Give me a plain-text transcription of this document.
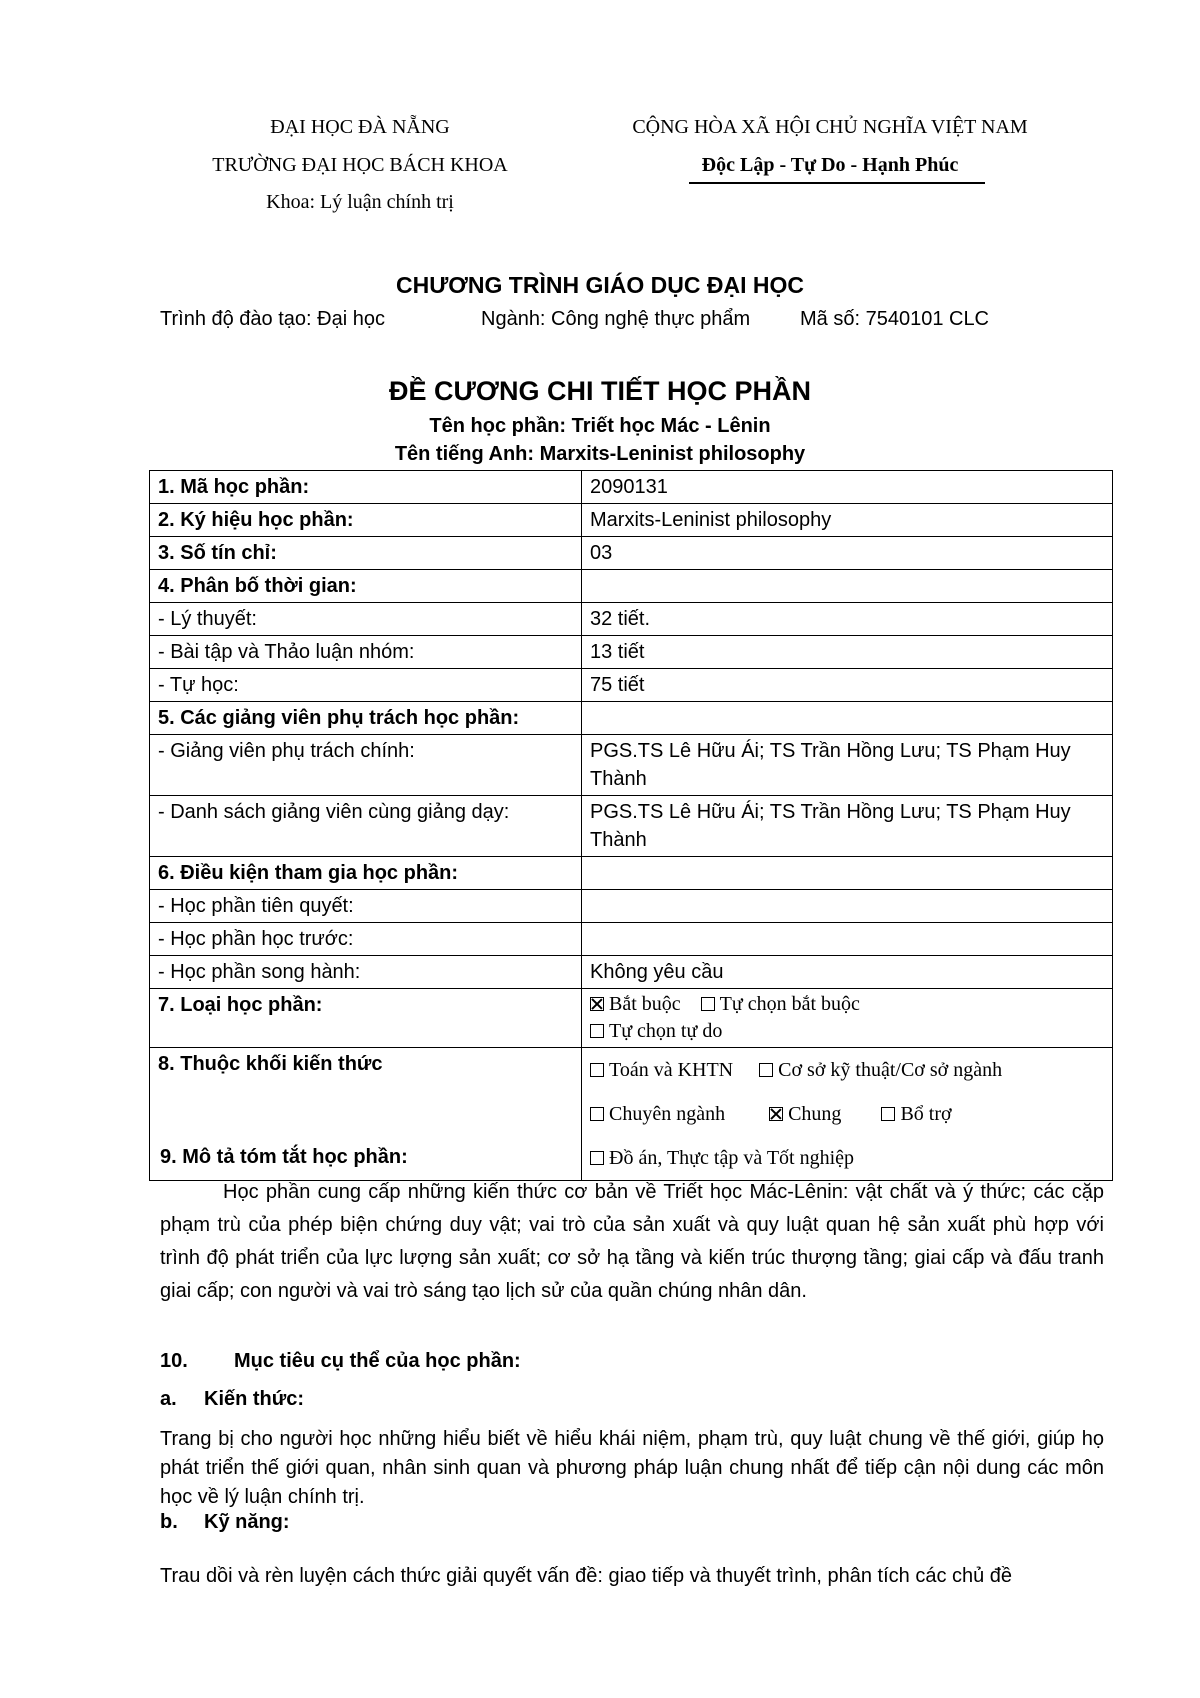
ĐẠI HỌC ĐÀ NẴNG
TRƯỜNG ĐẠI HỌC BÁCH KHOA
Khoa: Lý luận chính trị
CỘNG HÒA XÃ HỘI CHỦ NGHĨA VIỆT NAM
Độc Lập - Tự Do - Hạnh Phúc
CHƯƠNG TRÌNH GIÁO DỤC ĐẠI HỌC
Trình độ đào tạo: Đại học	Ngành: Công nghệ thực phẩm Mã số: 7540101 CLC
ĐỀ CƯƠNG CHI TIẾT HỌC PHẦN
Tên học phần: Triết học Mác - Lênin
Tên tiếng Anh: Marxits-Leninist philosophy
1. Mã học phần:	2090131
2. Ký hiệu học phần:	Marxits-Leninist philosophy
3. Số tín chỉ:	03
4. Phân bố thời gian:	
- Lý thuyết:	32 tiết.
- Bài tập và Thảo luận nhóm:	13 tiết
- Tự học:	75 tiết
5. Các giảng viên phụ trách học phần:	
- Giảng viên phụ trách chính:	PGS.TS Lê Hữu Ái; TS Trần Hồng Lưu; TS Phạm Huy Thành
- Danh sách giảng viên cùng giảng dạy:	PGS.TS Lê Hữu Ái; TS Trần Hồng Lưu; TS Phạm Huy Thành
6. Điều kiện tham gia học phần:	
- Học phần tiên quyết:	
- Học phần học trước:	
- Học phần song hành:	Không yêu cầu
7. Loại học phần:	Bắt buộc Tự chọn bắt buộc
Tự chọn tự do
8. Thuộc khối kiến thức	Toán và KHTN Cơ sở kỹ thuật/Cơ sở ngành
Chuyên ngành Chung Bổ trợ
Đồ án, Thực tập và Tốt nghiệp
9. Mô tả tóm tắt học phần:
Học phần cung cấp những kiến thức cơ bản về Triết học Mác-Lênin: vật chất và ý thức; các cặp phạm trù của phép biện chứng duy vật; vai trò của sản xuất và quy luật quan hệ sản xuất phù hợp với trình độ phát triển của lực lượng sản xuất; cơ sở hạ tầng và kiến trúc thượng tầng; giai cấp và đấu tranh giai cấp; con người và vai trò sáng tạo lịch sử của quần chúng nhân dân.
10. Mục tiêu cụ thể của học phần:
a. Kiến thức:
Trang bị cho người học những hiểu biết về hiểu khái niệm, phạm trù, quy luật chung về thế giới, giúp họ phát triển thế giới quan, nhân sinh quan và phương pháp luận chung nhất để tiếp cận nội dung các môn học về lý luận chính trị.
b. Kỹ năng:
Trau dồi và rèn luyện cách thức giải quyết vấn đề: giao tiếp và thuyết trình, phân tích các chủ đề
